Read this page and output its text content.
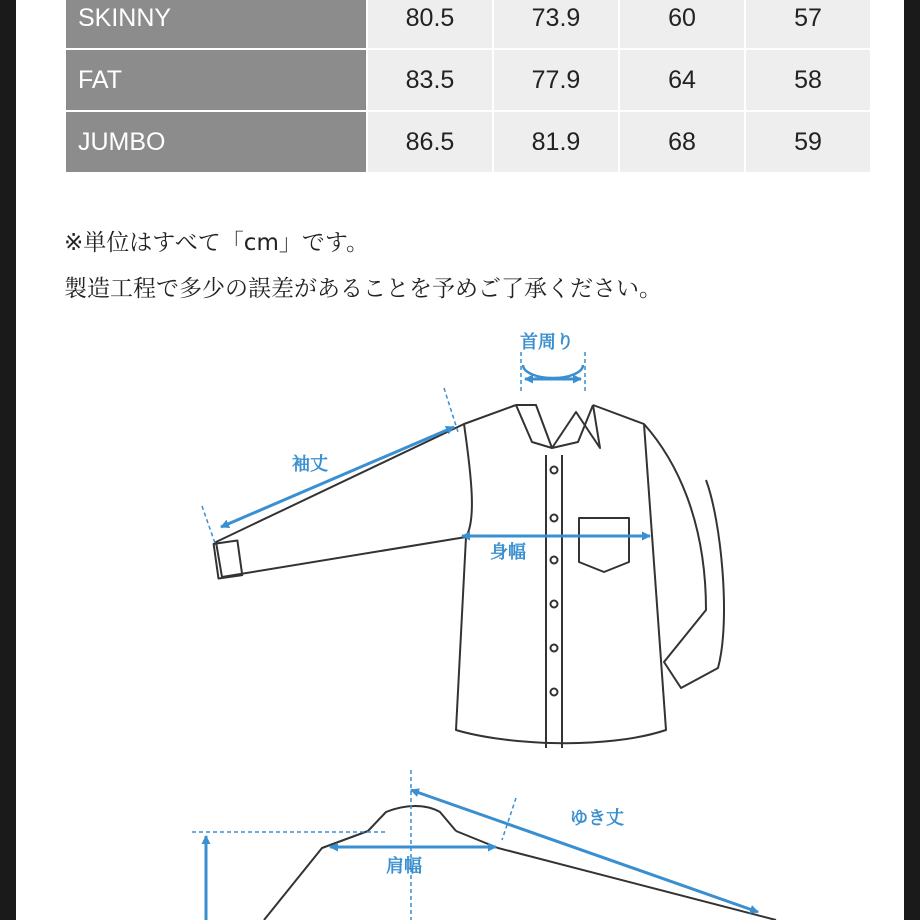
SKINNY	80.5	73.9	60	57
FAT	83.5	77.9	64	58
JUMBO	86.5	81.9	68	59
※単位はすべて「cm」です。
製造工程で多少の誤差があることを予めご了承ください。
首周り
袖丈
身幅
ゆき丈
肩幅
